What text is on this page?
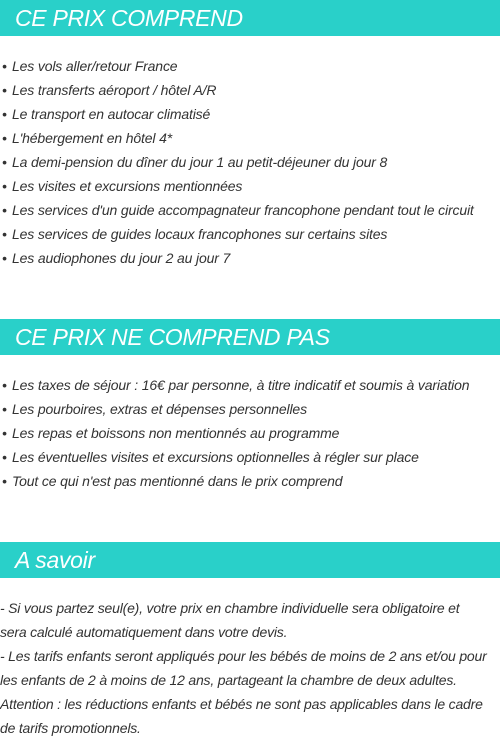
CE PRIX COMPREND
• Les vols aller/retour France
• Les transferts aéroport / hôtel A/R
• Le transport en autocar climatisé
• L'hébergement en hôtel 4*
• La demi-pension du dîner du jour 1 au petit-déjeuner du jour 8
• Les visites et excursions mentionnées
• Les services d'un guide accompagnateur francophone pendant tout le circuit
• Les services de guides locaux francophones sur certains sites
• Les audiophones du jour 2 au jour 7
CE PRIX NE COMPREND PAS
• Les taxes de séjour : 16€ par personne, à titre indicatif et soumis à variation
• Les pourboires, extras et dépenses personnelles
• Les repas et boissons non mentionnés au programme
• Les éventuelles visites et excursions optionnelles à régler sur place
• Tout ce qui n'est pas mentionné dans le prix comprend
A savoir

- Si vous partez seul(e), votre prix en chambre individuelle sera obligatoire et

sera calculé automatiquement dans votre devis.

- Les tarifs enfants seront appliqués pour les bébés de moins de 2 ans et/ou pour

les enfants de 2 à moins de 12 ans, partageant la chambre de deux adultes.

Attention : les réductions enfants et bébés ne sont pas applicables dans le cadre

de tarifs promotionnels.
